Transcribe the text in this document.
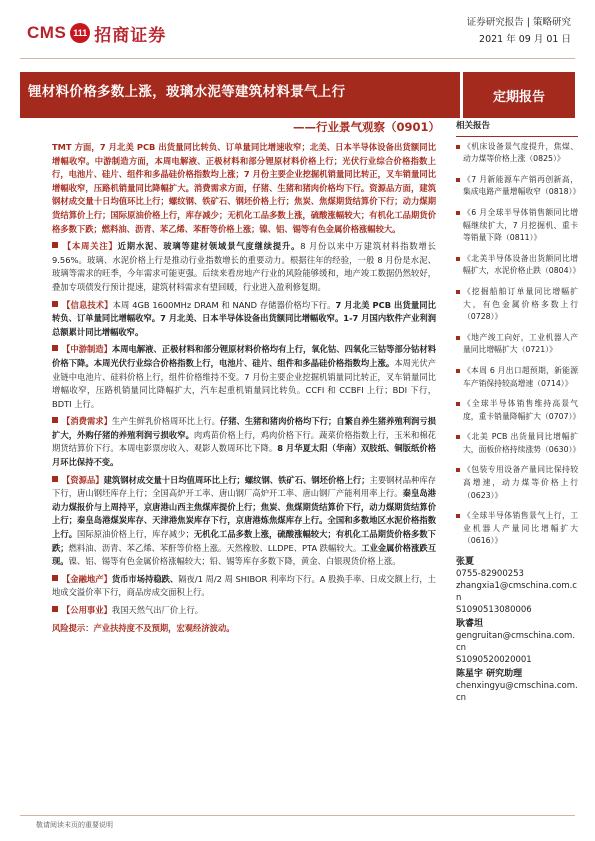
CMS 111 招商证券
证券研究报告 | 策略研究
2021 年 09 月 01 日
锂材料价格多数上涨，玻璃水泥等建筑材料景气上行	定期报告
——行业景气观察（0901）

TMT 方面，7 月北美 PCB 出货量同比转负、订单量同比增速收窄；北美、日本半导体设备出货额同比增幅收窄。中游制造方面，本周电解液、正极材料和部分锂原材料价格上行；光伏行业综合价格指数上行，电池片、硅片、组件和多晶硅价格指数均上涨；7 月份主要企业挖掘机销量同比转正，叉车销量同比增幅收窄，压路机销量同比降幅扩大。消费需求方面，仔猪、生猪和猪肉价格均下行。资源品方面，建筑钢材成交量十日均值环比上行；螺纹钢、铁矿石、钢坯价格上行；焦炭、焦煤期货结算价下行；动力煤期货结算价上行；国际原油价格上行，库存减少；无机化工品多数上涨，硫酸涨幅较大；有机化工品期货价格多数下跌；燃料油、沥青、苯乙烯、苯酐等价格上涨；镍、铝、锡等有色金属价格涨幅较大。

【本周关注】近期水泥、玻璃等建材领域景气度继续提升。8 月份以来中万建筑材料指数增长 9.56%。玻璃、水泥价格上行是推动行业指数增长的重要动力。根据往年的经验，一般 8 月份是水泥、玻璃等需求的旺季，今年需求可能更强。后续来看房地产行业的风险能够缓和，地产竣工数据仍然较好，叠加专项债发行预计提速，建筑材料需求有望回暖，行业进入盈利修复期。

【信息技术】本周 4GB 1600MHz DRAM 和 NAND 存储器价格均下行。7 月北美 PCB 出货量同比转负、订单量同比增幅收窄。7 月北美、日本半导体设备出货额同比增幅收窄。1-7 月国内软件产业利润总额累计同比增幅收窄。

【中游制造】本周电解液、正极材料和部分锂原材料价格均有上行，氧化钴、四氧化三钴等部分钴材料价格下降。本周光伏行业综合价格指数上行，电池片、硅片、组件和多晶硅价格指数均上涨。本周光伏产业链中电池片、硅料价格上行，组件价格维持不变。7 月份主要企业挖掘机销量同比转正，叉车销量同比增幅收窄，压路机销量同比降幅扩大，汽车起重机销量同比转负。CCFI 和 CCBFI 上行；BDI 下行，BDTI 上行。

【消费需求】生产生鲜乳价格周环比上行。仔猪、生猪和猪肉价格均下行；自繁自养生猪养殖利润亏损扩大，外购仔猪的养殖利润亏损收窄。肉鸡苗价格上行，鸡肉价格下行。蔬菜价格指数上行，玉米和棉花期货结算价下行。本周电影票房收入、观影人数周环比下降。8 月华夏太阳（华南）双肢纸、铜版纸价格月环比保持不变。

【资源品】建筑钢材成交量十日均值周环比上行；螺纹钢、铁矿石、钢坯价格上行；主要钢材品种库存下行，唐山钢坯库存上行；全国高炉开工率、唐山钢厂高炉开工率、唐山钢厂产能利用率上行。秦皇岛港动力煤报价与上周持平，京唐港山西主焦煤库提价上行；焦炭、焦煤期货结算价下行，动力煤期货结算价上行；秦皇岛港煤炭库存、天津港焦炭库存下行，京唐港炼焦煤库存上行。全国和多数地区水泥价格指数上行。国际原油价格上行，库存减少；无机化工品多数上涨，硫酸涨幅较大；有机化工品期货价格多数下跌；燃料油、沥青、苯乙烯、苯酐等价格上涨。天然橡胶、LLDPE、PTA 跌幅较大。工业金属价格涨跌互现。镍、铝、锡等有色金属价格涨幅较大；铅、锡等库存多数下降，黄金、白银现货价格上涨。

【金融地产】货币市场持稳跌、隔夜/1 周/2 周 SHIBOR 利率均下行。A 股换手率、日成交额上行，土地成交溢价率下行，商品房成交面积上行。

【公用事业】我国天然气出厂价上行。

风险提示：产业扶持度不及预期，宏观经济波动。

相关报告
《机床设备景气度提升，焦煤、动力煤等价格上涨（0825）》
《7 月新能源车产销再创新高，集成电路产量增幅收窄（0818）》
《6 月全球半导体销售额同比增幅继续扩大，7 月挖掘机、重卡等销量下降（0811）》
《北美半导体设备出货额同比增幅扩大，水泥价格止跌（0804）》
《挖掘船舶订单量同比增幅扩大，有色金属价格多数上行（0728）》
《地产竣工向好，工业机器人产量同比增幅扩大（0721）》
《本周 6 月出口超预期，新能源车产销保持较高增速（0714）》
《全球半导体销售维持高景气度，重卡销量降幅扩大（0707）》
《北美 PCB 出货量同比增幅扩大，面板价格持续涨势（0630）》
《包装专用设备产量同比保持较高增速，动力煤等价格上行（0623）》
《全球半导体销售景气上行，工业机器人产量同比增幅扩大（0616）》
张夏
0755-82900253
zhangxia1@cmschina.com.cn
S1090513080006
耿睿坦
gengruitan@cmschina.com.cn
S1090520020001
陈星宇 研究助理
chenxingyu@cmschina.com.cn
敬请阅读末页的重要说明
